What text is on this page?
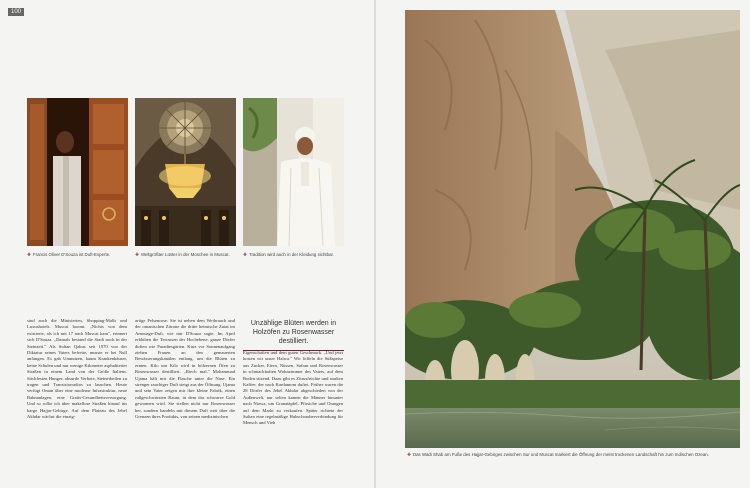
100
❖ Francis Oliver D'Souza ist Duft-Experte.	❖ Weltgrößter Lüster in der Moschee in Muscat.	❖ Tradition wird auch in der Kleidung sichtbar.
sind auch die Ministerien, Shopping-Malls und Luxushotels. Muscat boomt. „Nichts von dem existierte, als ich mit 17 nach Muscat kam", erinnert sich D'Souza. „Damals bestand die Stadt noch in der Steinzeit." Als Sultan Qabus seit 1970 von der Diktatur seines Vaters befreite, musste er bei Null anfangen. Es gab Umnutzen, kaum Krankenhäuser, keine Schulen und nur wenige Kilometer asphaltierter Straßen in einem Land von der Größe Italiens. Stichfesten Hunger, absurde Verbote, Steinerbeilen zu tragen und Transistorradios zu lauschen. Heute verfügt Oman über eine moderne Infrastruktur, neue Bahnanlagen, eine Gratis-Gesundheitsversorgung. Und so rollte ich über makellose Straßen hinauf ins karge Hajjar-Gebirge. Auf dem Plateau des Jebel Akhdar wächst die einzig-
artige Felsenrose. Sie ist neben dem Weihrauch und der omanischen Zitrone die dritte heimische Zutat im Amouage-Duft, wie mir D'Souza sagte. Im April erblühen die Terrassen der Hochebene, ganze Dörfer duften wie Paradiesgärten. Kurz vor Sonnenaufgang ziehen Frauen an den gemauerten Bewässerungskanälen entlang, um die Blüten zu ernten. Kilo um Kilo wird in hölzernen Öfen zu Rosenwasser destilliert. „Riech mal." Mohammad Ujama hält mir die Flasche unter die Nase. Ein strenger rauchiger Duft steigt aus der Öffnung. Ujama und sein Vater zeigen mir ihre kleine Fabrik, einen rußgeschwärzten Raum, in dem das schwarze Gold gewonnen wird. Sie stellen nicht nur Rosenwasser her, sondern handeln mit diesem Duft weit über die Grenzen ihres Produkts, von seinen medizinischen
Unzählige Blüten werden in Holzöfen zu Rosenwasser destilliert.
Eigenschaften und dem guten Geschmack. „Und jetzt kosten wir unser Halwa." Wir löffeln die Süßspeise aus Zucker, Eiern, Nüssen, Safran und Rosenwasser in schmackhaften Wohnzimmer des Vaters, auf dem Boden sitzend. Dazu gibt es Zitrusfrüchte und starken Kaffee, der nach Kardamom duftet. Früher waren die 28 Dörfer des Jebel Akhdar abgeschieden von der Außenwelt, nur selten kamen die Männer hinunter nach Nizwa, um Granatäpfel, Pfirsiche und Orangen auf dem Markt zu verkaufen. Später richtete der Sultan eine regelmäßige Hubschrauberverbindung für Mensch und Vieh
❖ Das Wadi Shab am Fuße des Hajjar-Gebirges zwischen Sur und Muscat markiert die Öffnung der meist trockenen Landschaft hin zum Indischen Ozean.
